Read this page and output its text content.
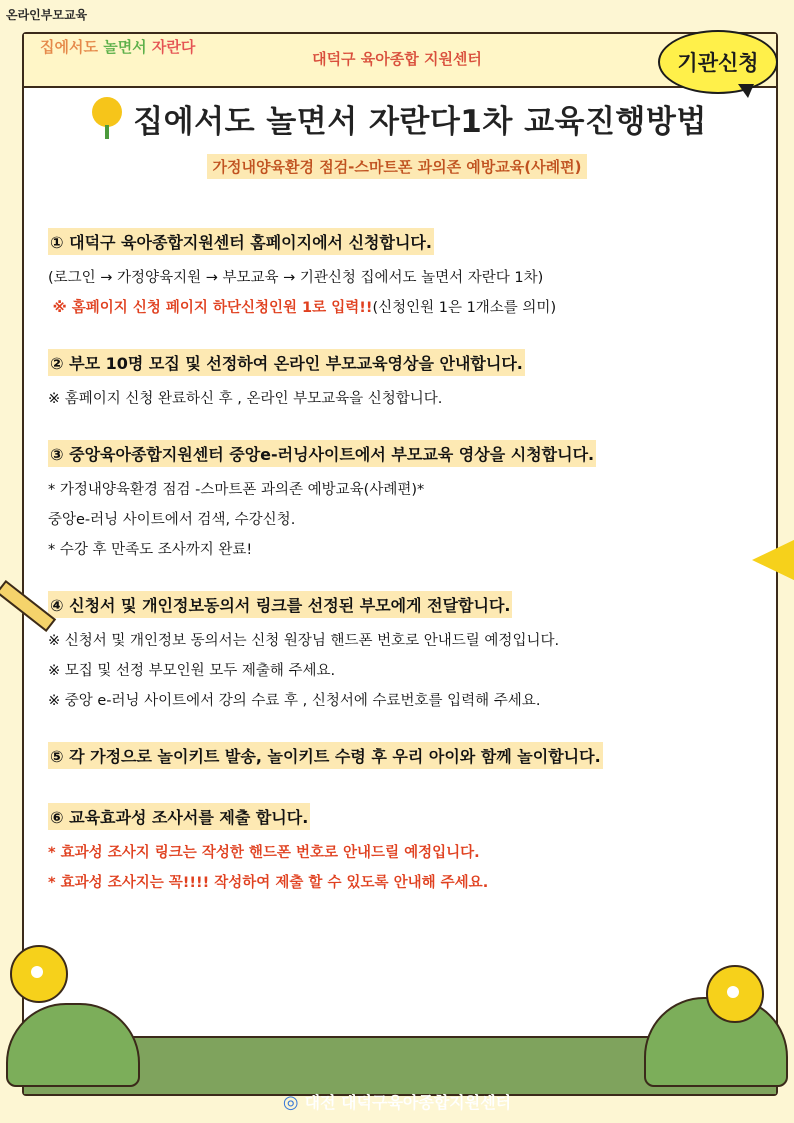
온라인부모교육
집에서도 놀면서 자란다
대덕구 육아종합 지원센터	기관신청
집에서도 놀면서 자란다1차 교육진행방법
가정내양육환경 점검-스마트폰 과의존 예방교육(사례편)
① 대덕구 육아종합지원센터 홈페이지에서 신청합니다.
(로그인 → 가정양육지원 → 부모교육 → 기관신청 집에서도 놀면서 자란다 1차)
※ 홈페이지 신청 페이지 하단신청인원 1로 입력!!(신청인원 1은 1개소를 의미)
② 부모 10명 모집 및 선정하여 온라인 부모교육영상을 안내합니다.
※ 홈페이지 신청 완료하신 후 , 온라인 부모교육을 신청합니다.
③ 중앙육아종합지원센터 중앙e-러닝사이트에서 부모교육 영상을 시청합니다.
* 가정내양육환경 점검 -스마트폰 과의존 예방교육(사례편)*
중앙e-러닝 사이트에서 검색, 수강신청.
* 수강 후 만족도 조사까지 완료!
④ 신청서 및 개인정보동의서 링크를 선정된 부모에게 전달합니다.
※ 신청서 및 개인정보 동의서는 신청 원장님 핸드폰 번호로 안내드릴 예정입니다.
※ 모집 및 선정 부모인원 모두 제출해 주세요.
※ 중앙 e-러닝 사이트에서 강의 수료 후 , 신청서에 수료번호를 입력해 주세요.
⑤ 각 가정으로 놀이키트 발송, 놀이키트 수령 후 우리 아이와 함께 놀이합니다.
⑥ 교육효과성 조사서를 제출 합니다.
* 효과성 조사지 링크는 작성한 핸드폰 번호로 안내드릴 예정입니다.
* 효과성 조사지는 꼭!!!! 작성하여 제출 할 수 있도록 안내해 주세요.
◎ 대전 대덕구육아종합지원센터
